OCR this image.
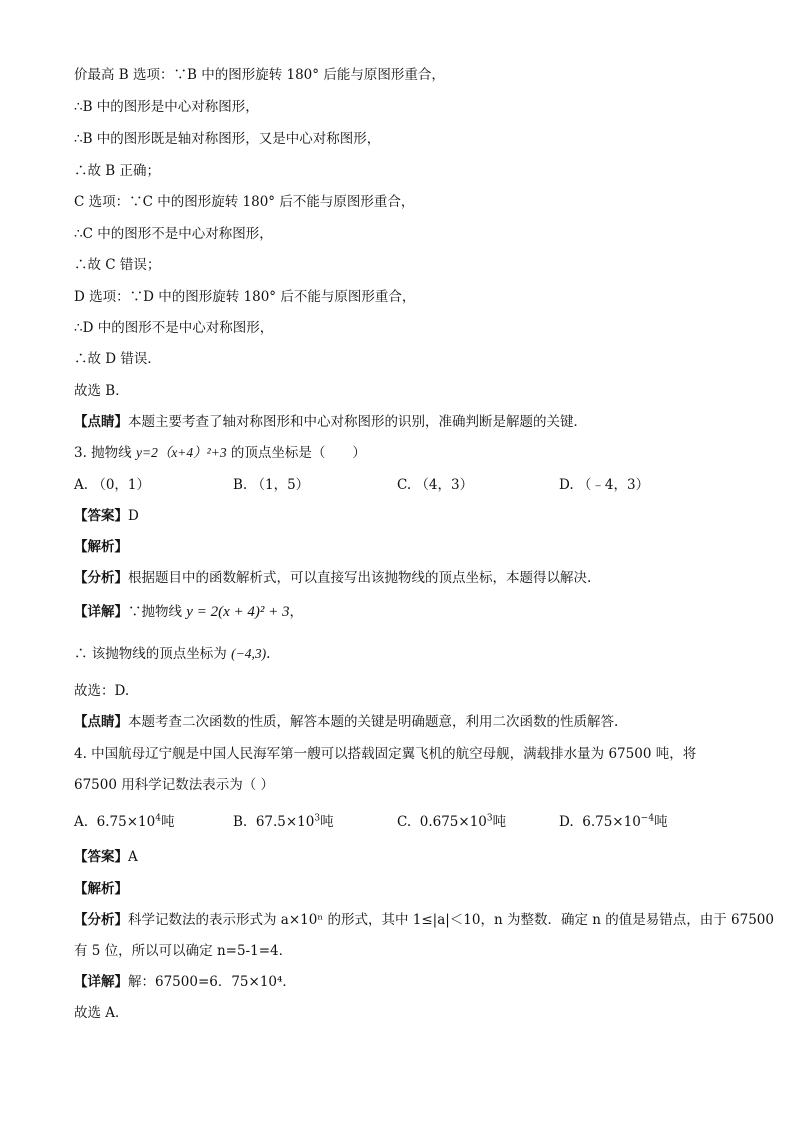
价最高 B 选项：∵B 中的图形旋转 180° 后能与原图形重合，
∴B 中的图形是中心对称图形，
∴B 中的图形既是轴对称图形，又是中心对称图形，
∴故 B 正确；
C 选项：∵C 中的图形旋转 180° 后不能与原图形重合，
∴C 中的图形不是中心对称图形，
∴故 C 错误；
D 选项：∵D 中的图形旋转 180° 后不能与原图形重合，
∴D 中的图形不是中心对称图形，
∴故 D 错误．
故选 B．
【点睛】本题主要考查了轴对称图形和中心对称图形的识别，准确判断是解题的关键．
3. 抛物线 y=2（x+4）²+3 的顶点坐标是（　　）
A. （0，1）	B. （1，5）	C. （4，3）	D. （﹣4，3）
【答案】D
【解析】
【分析】根据题目中的函数解析式，可以直接写出该抛物线的顶点坐标，本题得以解决.
【详解】∵抛物线 y = 2(x + 4)² + 3，
∴ 该抛物线的顶点坐标为 (−4,3).
故选：D.
【点睛】本题考查二次函数的性质，解答本题的关键是明确题意，利用二次函数的性质解答.
4. 中国航母辽宁舰是中国人民海军第一艘可以搭载固定翼飞机的航空母舰，满载排水量为 67500 吨，将
67500 用科学记数法表示为（ ）
A. $6.75\times 10^4$吨	B. $67.5\times 10^3$吨	C. $0.675\times 10^3$吨	D. $6.75\times 10^{-4}$吨
【答案】A
【解析】
【分析】科学记数法的表示形式为 a×10ⁿ 的形式，其中 1≤|a|＜10，n 为整数．确定 n 的值是易错点，由于 67500
有 5 位，所以可以确定 n=5-1=4．
【详解】解：67500=6．75×10⁴．
故选 A．
